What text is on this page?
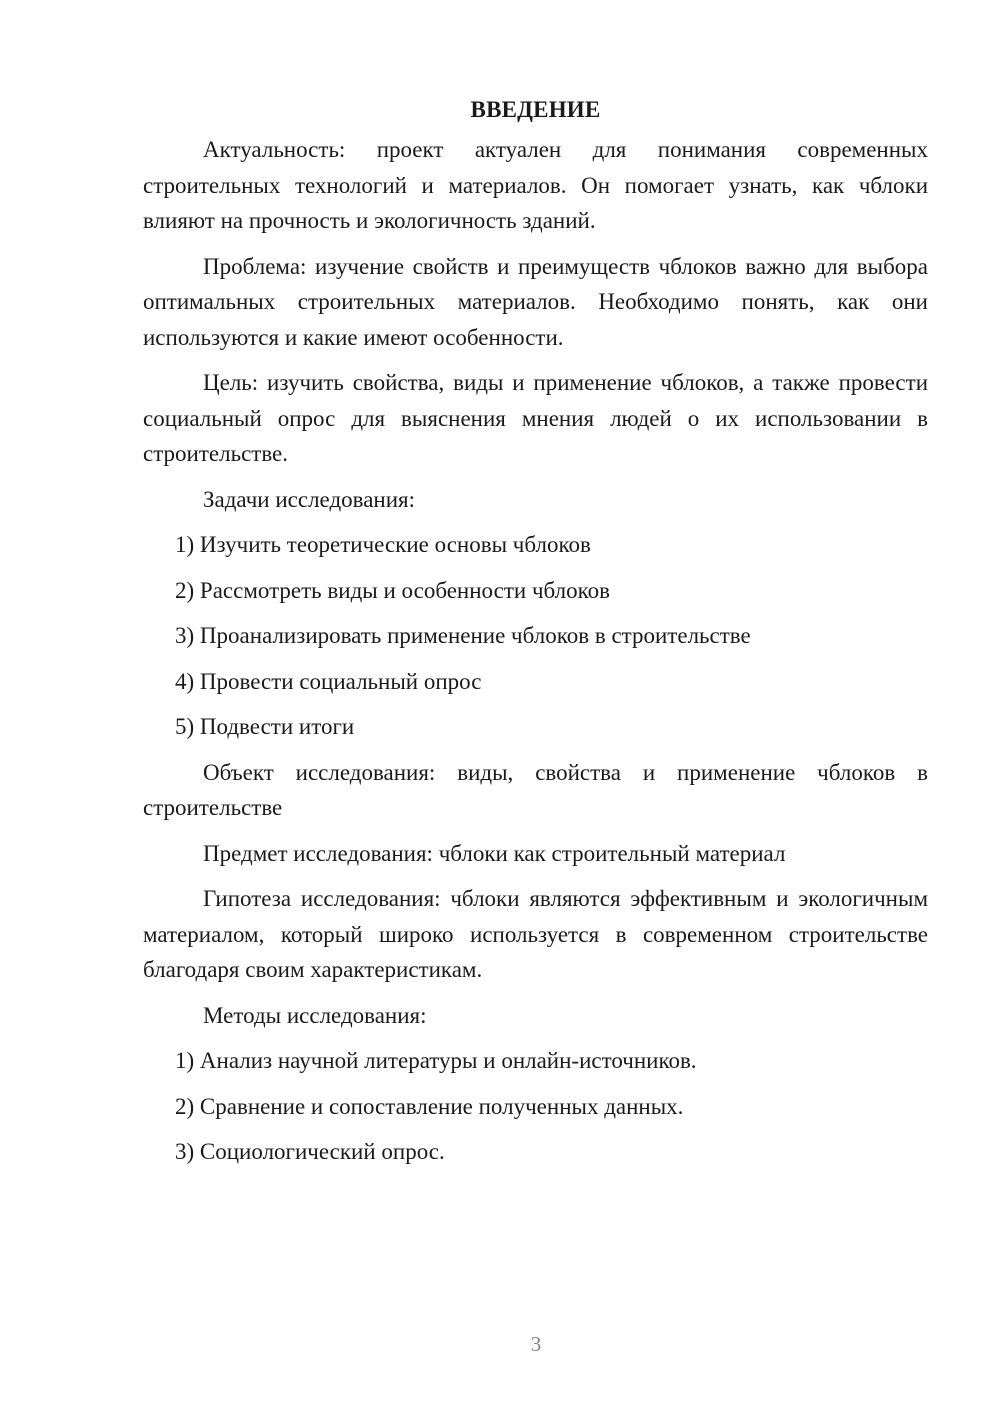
ВВЕДЕНИЕ

Актуальность: проект актуален для понимания современных строительных технологий и материалов. Он помогает узнать, как чблоки влияют на прочность и экологичность зданий.

Проблема: изучение свойств и преимуществ чблоков важно для выбора оптимальных строительных материалов. Необходимо понять, как они используются и какие имеют особенности.

Цель: изучить свойства, виды и применение чблоков, а также провести социальный опрос для выяснения мнения людей о их использовании в строительстве.

Задачи исследования:

1) Изучить теоретические основы чблоков

2) Рассмотреть виды и особенности чблоков

3) Проанализировать применение чблоков в строительстве

4) Провести социальный опрос

5) Подвести итоги

Объект исследования: виды, свойства и применение чблоков в строительстве

Предмет исследования: чблоки как строительный материал

Гипотеза исследования: чблоки являются эффективным и экологичным материалом, который широко используется в современном строительстве благодаря своим характеристикам.

Методы исследования:

1) Анализ научной литературы и онлайн-источников.

2) Сравнение и сопоставление полученных данных.

3) Социологический опрос.

3
